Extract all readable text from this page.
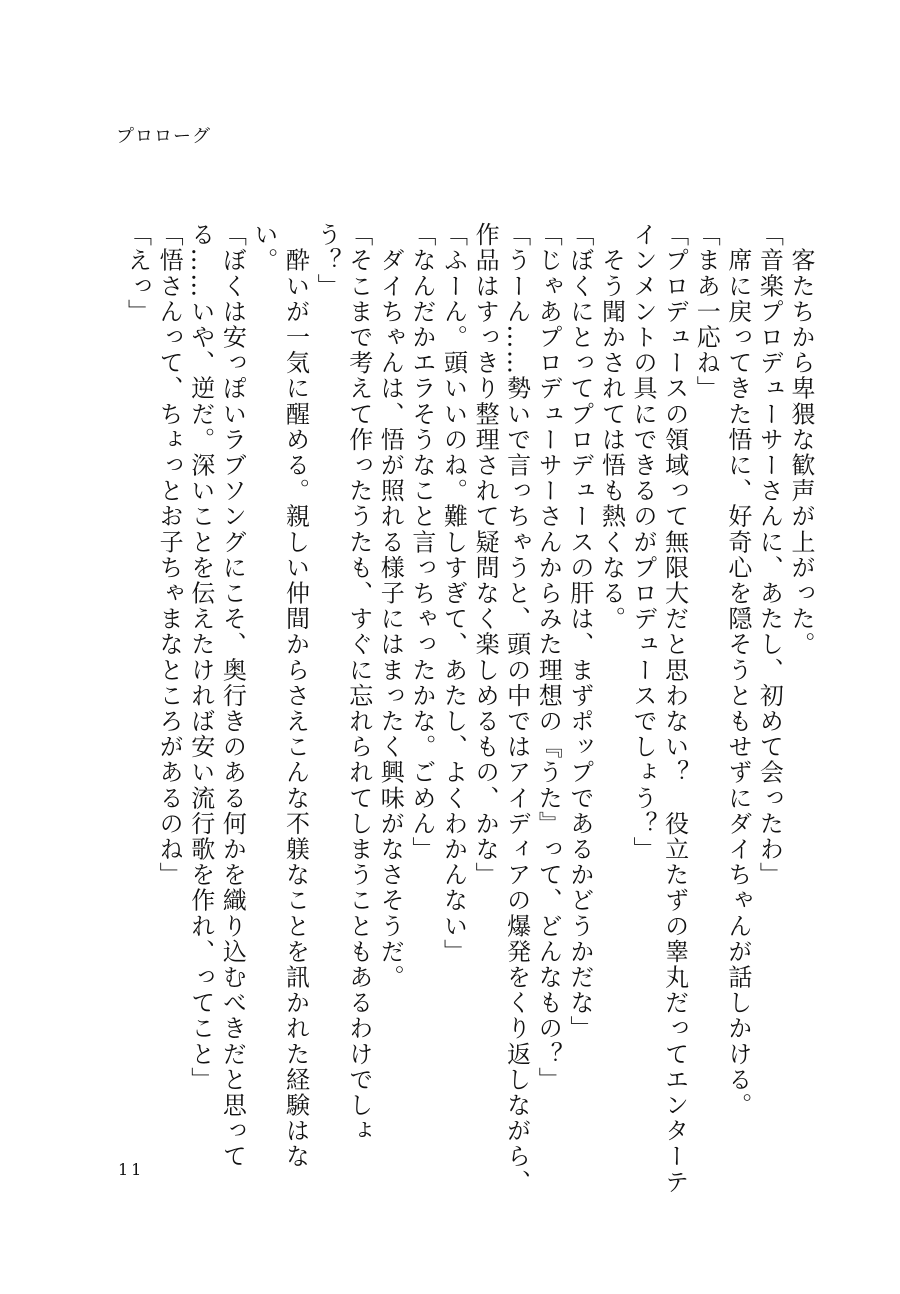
プロローグ

　客たちから卑猥な歓声が上がった。

「音楽プロデューサーさんに、あたし、初めて会ったわ」

　席に戻ってきた悟に、好奇心を隠そうともせずにダイちゃんが話しかける。

「まあ一応ね」

「プロデュースの領域って無限大だと思わない？　役立たずの睾丸だってエンターテインメントの具にできるのがプロデュースでしょう？」

　そう聞かされては悟も熱くなる。

「ぼくにとってプロデュースの肝は、まずポップであるかどうかだな」

「じゃあプロデューサーさんからみた理想の『うた』って、どんなもの？」

「うーん……勢いで言っちゃうと、頭の中ではアイディアの爆発をくり返しながら、作品はすっきり整理されて疑問なく楽しめるもの、かな」

「ふーん。頭いいのね。難しすぎて、あたし、よくわかんない」

「なんだかエラそうなこと言っちゃったかな。ごめん」

　ダイちゃんは、悟が照れる様子にはまったく興味がなさそうだ。

「そこまで考えて作ったうたも、すぐに忘れられてしまうこともあるわけでしょう？」

　酔いが一気に醒める。親しい仲間からさえこんな不躾なことを訊かれた経験はない。

「ぼくは安っぽいラブソングにこそ、奥行きのある何かを織り込むべきだと思ってる……いや、逆だ。深いことを伝えたければ安い流行歌を作れ、ってこと」

「悟さんって、ちょっとお子ちゃまなところがあるのね」

「えっ」

11
